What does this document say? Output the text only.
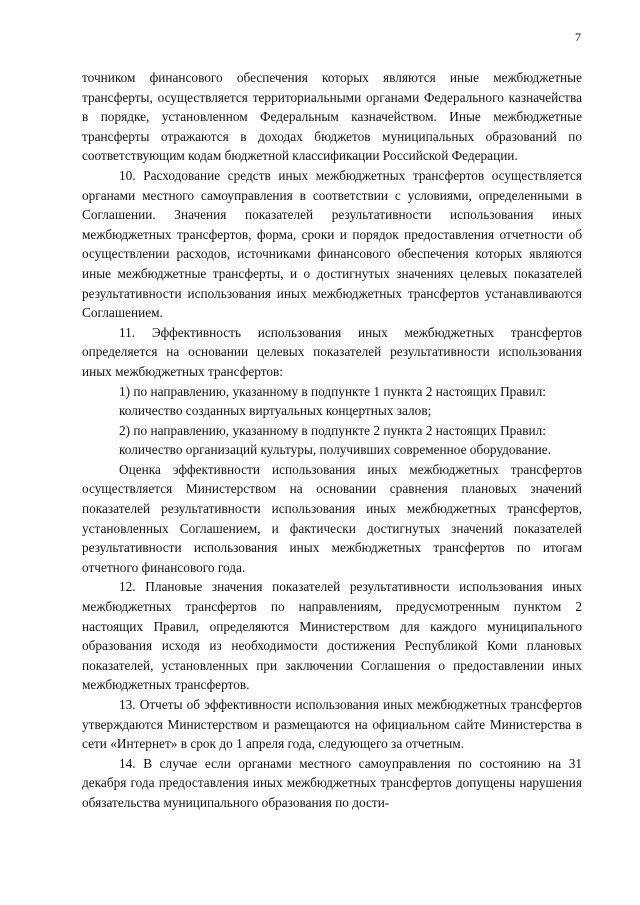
7

точником финансового обеспечения которых являются иные межбюджетные трансферты, осуществляется территориальными органами Федерального казначейства в порядке, установленном Федеральным казначейством. Иные межбюджетные трансферты отражаются в доходах бюджетов муниципальных образований по соответствующим кодам бюджетной классификации Российской Федерации.

10. Расходование средств иных межбюджетных трансфертов осуществляется органами местного самоуправления в соответствии с условиями, определенными в Соглашении. Значения показателей результативности использования иных межбюджетных трансфертов, форма, сроки и порядок предоставления отчетности об осуществлении расходов, источниками финансового обеспечения которых являются иные межбюджетные трансферты, и о достигнутых значениях целевых показателей результативности использования иных межбюджетных трансфертов устанавливаются Соглашением.

11. Эффективность использования иных межбюджетных трансфертов определяется на основании целевых показателей результативности использования иных межбюджетных трансфертов:

1) по направлению, указанному в подпункте 1 пункта 2 настоящих Правил:

количество созданных виртуальных концертных залов;

2) по направлению, указанному в подпункте 2 пункта 2 настоящих Правил:

количество организаций культуры, получивших современное оборудование.

Оценка эффективности использования иных межбюджетных трансфертов осуществляется Министерством на основании сравнения плановых значений показателей результативности использования иных межбюджетных трансфертов, установленных Соглашением, и фактически достигнутых значений показателей результативности использования иных межбюджетных трансфертов по итогам отчетного финансового года.

12. Плановые значения показателей результативности использования иных межбюджетных трансфертов по направлениям, предусмотренным пунктом 2 настоящих Правил, определяются Министерством для каждого муниципального образования исходя из необходимости достижения Республикой Коми плановых показателей, установленных при заключении Соглашения о предоставлении иных межбюджетных трансфертов.

13. Отчеты об эффективности использования иных межбюджетных трансфертов утверждаются Министерством и размещаются на официальном сайте Министерства в сети «Интернет» в срок до 1 апреля года, следующего за отчетным.

14. В случае если органами местного самоуправления по состоянию на 31 декабря года предоставления иных межбюджетных трансфертов допущены нарушения обязательства муниципального образования по дости-
